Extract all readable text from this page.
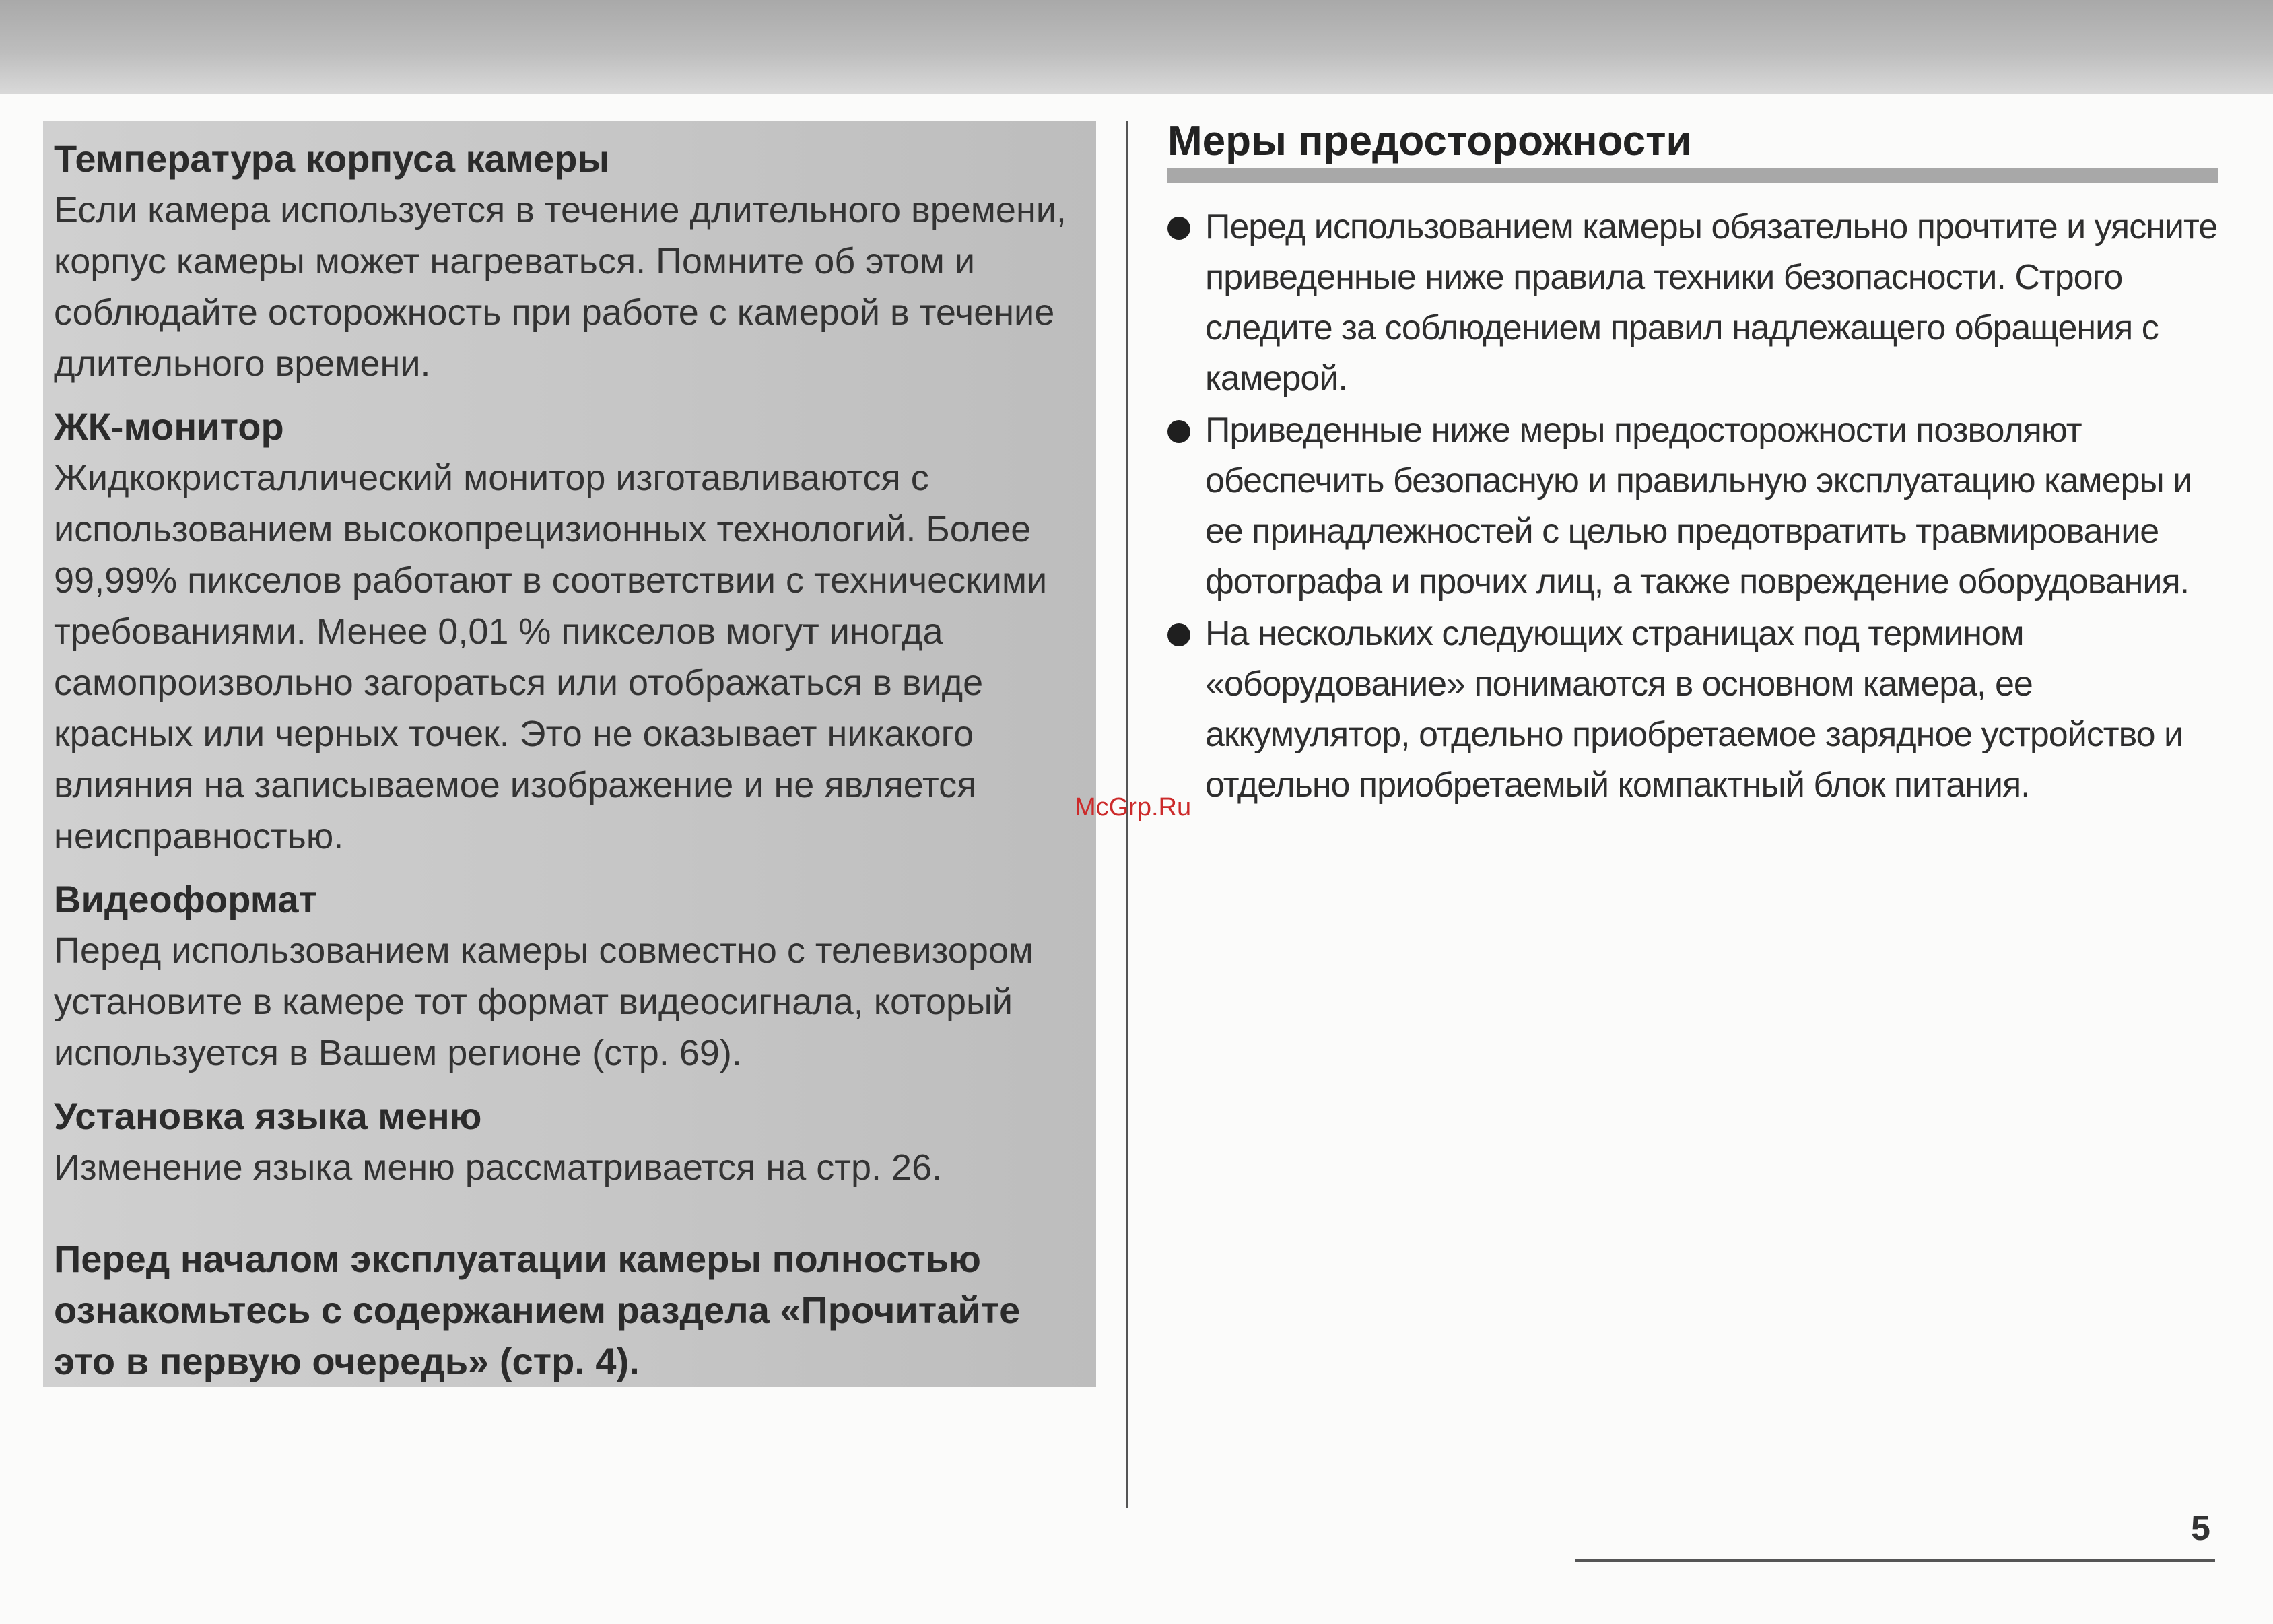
Температура корпуса камеры

Если камера используется в течение длительного времени, корпус камеры может нагреваться. Помните об этом и соблюдайте осторожность при работе с камерой в течение длительного времени.

ЖК-монитор

Жидкокристаллический монитор изготавливаются с использованием высокопрецизионных технологий. Более 99,99% пикселов работают в соответствии с техническими требованиями. Менее 0,01 % пикселов могут иногда самопроизвольно загораться или отображаться в виде красных или черных точек. Это не оказывает никакого влияния на записываемое изображение и не является неисправностью.

Видеоформат

Перед использованием камеры совместно с телевизором установите в камере тот формат видеосигнала, который используется в Вашем регионе (стр. 69).

Установка языка меню

Изменение языка меню рассматривается на стр. 26.

Перед началом эксплуатации камеры полностью ознакомьтесь с содержанием раздела «Прочитайте это в первую очередь» (стр. 4).

Меры предосторожности
Перед использованием камеры обязательно прочтите и уясните приведенные ниже правила техники безопасности. Строго следите за соблюдением правил надлежащего обращения с камерой.
Приведенные ниже меры предосторожности позволяют обеспечить безопасную и правильную эксплуатацию камеры и ее принадлежностей с целью предотвратить травмирование фотографа и прочих лиц, а также повреждение оборудования.
На нескольких следующих страницах под термином «оборудование» понимаются в основном камера, ее аккумулятор, отдельно приобретаемое зарядное устройство и отдельно приобретаемый компактный блок питания.
McGrp.Ru
5
